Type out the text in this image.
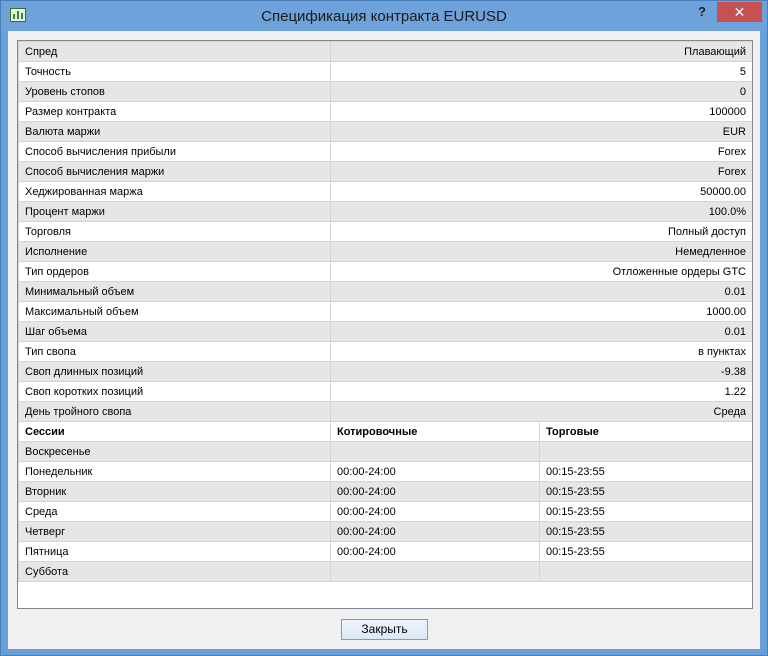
Спецификация контракта EURUSD	?	✕
Спред	Плавающий	
Точность	5	
Уровень стопов	0	
Размер контракта	100000	
Валюта маржи	EUR	
Способ вычисления прибыли	Forex	
Способ вычисления маржи	Forex	
Хеджированная маржа	50000.00	
Процент маржи	100.0%	
Торговля	Полный доступ	
Исполнение	Немедленное	
Тип ордеров	Отложенные ордеры GTC	
Минимальный объем	0.01	
Максимальный объем	1000.00	
Шаг объема	0.01	
Тип свопа	в пунктах	
Своп длинных позиций	-9.38	
Своп коротких позиций	1.22	
День тройного свопа	Среда	
Сессии	Котировочные	Торговые
Воскресенье		
Понедельник	00:00-24:00	00:15-23:55
Вторник	00:00-24:00	00:15-23:55
Среда	00:00-24:00	00:15-23:55
Четверг	00:00-24:00	00:15-23:55
Пятница	00:00-24:00	00:15-23:55
Суббота		
Закрыть
